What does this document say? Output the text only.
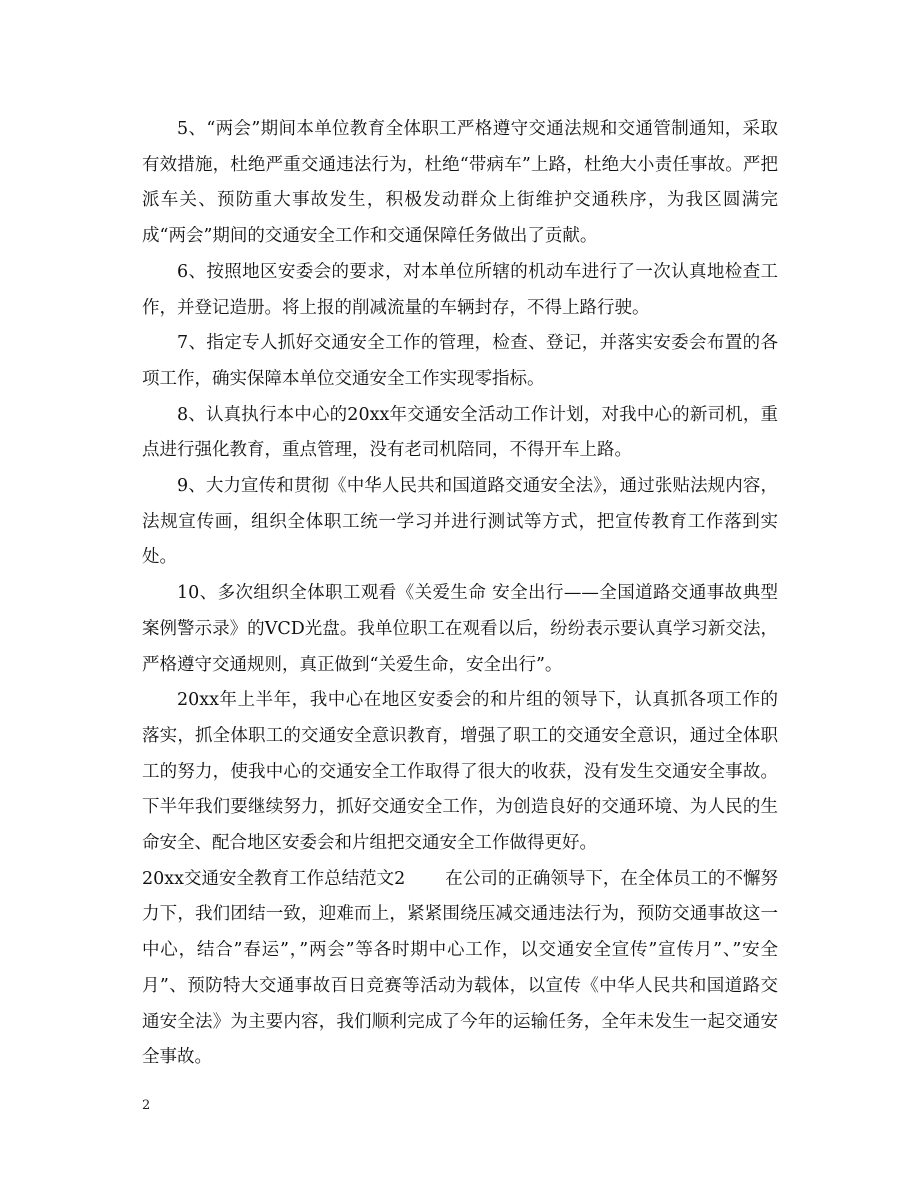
5、“两会”期间本单位教育全体职工严格遵守交通法规和交通管制通知，采取有效措施，杜绝严重交通违法行为，杜绝“带病车”上路，杜绝大小责任事故。严把派车关、预防重大事故发生，积极发动群众上街维护交通秩序，为我区圆满完成“两会”期间的交通安全工作和交通保障任务做出了贡献。

6、按照地区安委会的要求，对本单位所辖的机动车进行了一次认真地检查工作，并登记造册。将上报的削减流量的车辆封存，不得上路行驶。

7、指定专人抓好交通安全工作的管理，检查、登记，并落实安委会布置的各项工作，确实保障本单位交通安全工作实现零指标。

8、认真执行本中心的20xx年交通安全活动工作计划，对我中心的新司机，重点进行强化教育，重点管理，没有老司机陪同，不得开车上路。

9、大力宣传和贯彻《中华人民共和国道路交通安全法》，通过张贴法规内容，法规宣传画，组织全体职工统一学习并进行测试等方式，把宣传教育工作落到实处。

10、多次组织全体职工观看《关爱生命 安全出行——全国道路交通事故典型案例警示录》的VCD光盘。我单位职工在观看以后，纷纷表示要认真学习新交法，严格遵守交通规则，真正做到“关爱生命，安全出行”。

20xx年上半年，我中心在地区安委会的和片组的领导下，认真抓各项工作的落实，抓全体职工的交通安全意识教育，增强了职工的交通安全意识，通过全体职工的努力，使我中心的交通安全工作取得了很大的收获，没有发生交通安全事故。下半年我们要继续努力，抓好交通安全工作，为创造良好的交通环境、为人民的生命安全、配合地区安委会和片组把交通安全工作做得更好。

20xx交通安全教育工作总结范文2 在公司的正确领导下，在全体员工的不懈努力下，我们团结一致，迎难而上，紧紧围绕压减交通违法行为，预防交通事故这一中心，结合”春运”，”两会”等各时期中心工作，以交通安全宣传”宣传月”、”安全月”、预防特大交通事故百日竞赛等活动为载体，以宣传《中华人民共和国道路交通安全法》为主要内容，我们顺利完成了今年的运输任务，全年未发生一起交通安全事故。

2
